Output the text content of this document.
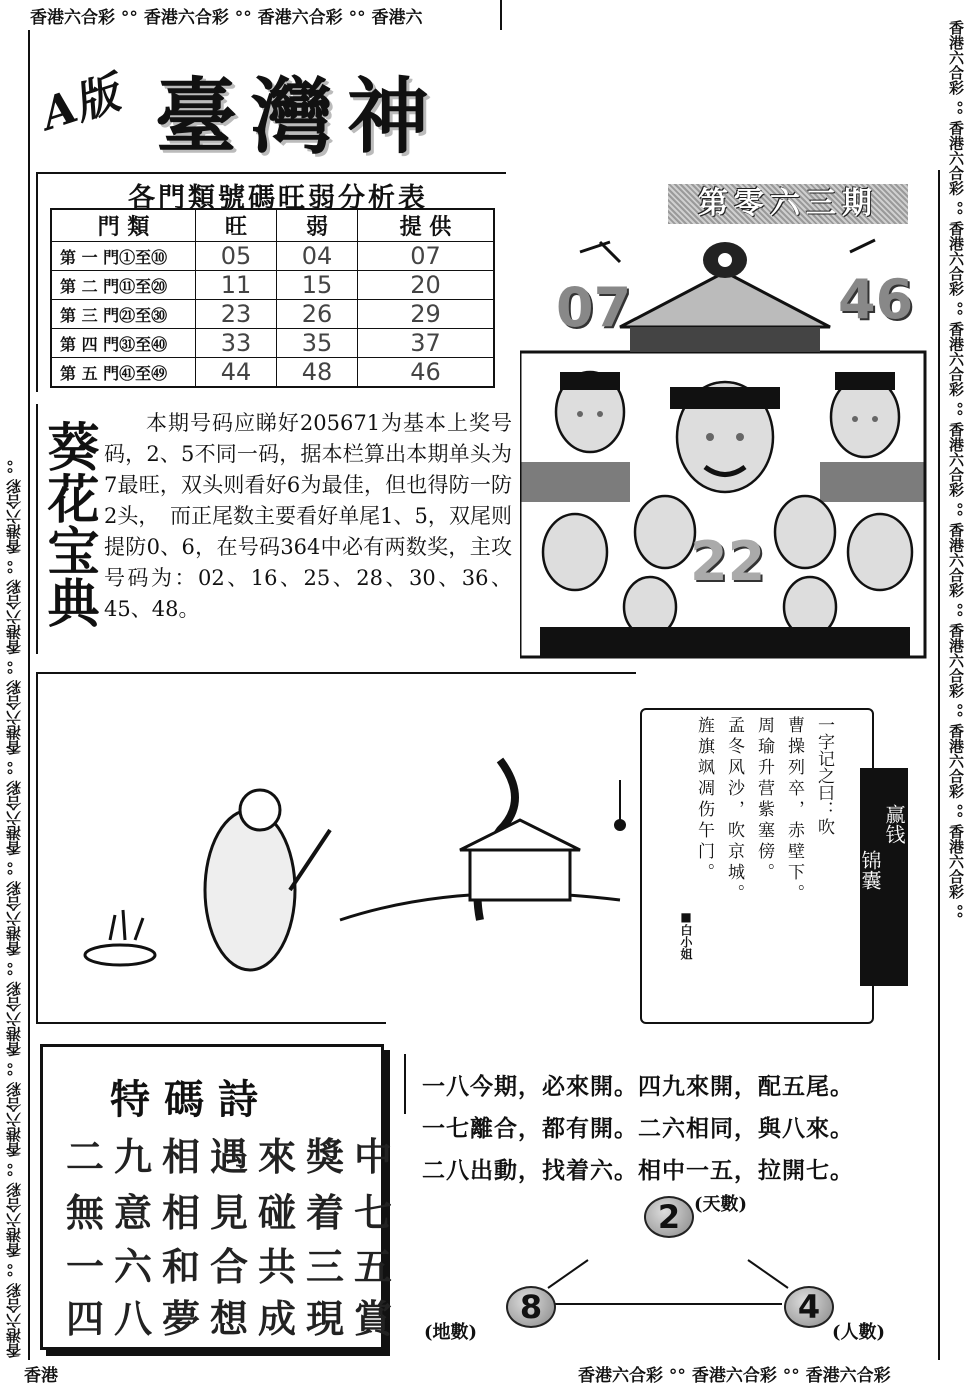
香港六合彩 °° 香港六合彩 °° 香港六合彩 °° 香港六
香港	香港六合彩 °° 香港六合彩 °° 香港六合彩
香港六合彩 °° 香港六合彩 °° 香港六合彩 °° 香港六合彩 °° 香港六合彩 °° 香港六合彩 °° 香港六合彩 °° 香港六合彩 °° 香港六合彩 °°	香港六合彩 °° 香港六合彩 °° 香港六合彩 °° 香港六合彩 °° 香港六合彩 °° 香港六合彩 °° 香港六合彩 °° 香港六合彩 °° 香港六合彩 °°
A版 臺灣神
各門類號碼旺弱分析表
門 類	旺	弱	提 供
第 一 門①至⑩	05	04	07
第 二 門⑪至⑳	11	15	20
第 三 門㉑至㉚	23	26	29
第 四 門㉛至㊵	33	35	37
第 五 門㊶至㊾	44	48	46
第零六三期
07	46
22
葵花宝典	本期号码应睇好205671为基本上奖号码，2、5不同一码，据本栏算出本期单头为7最旺，双头则看好6为最佳，但也得防一防2头，　而正尾数主要看好单尾1、5，双尾则提防0、6，在号码364中必有两数奖，主攻号码为：02、16、25、28、30、36、45、48。
一字记之曰：吹
曹操列卒，赤壁下。
周瑜升营紫塞傍。
孟冬风沙，吹京城。
旌旗飒凋伤午门。
■白小姐
赢钱
锦囊
特碼詩
二九相遇來獎中
無意相見碰着七
一六和合共三五
四八夢想成現賞
一八今期，必來開。四九來開，配五尾。
一七離合，都有開。二六相同，與八來。
二八出動，找着六。相中一五，拉開七。
2 (天數)
8
(地數)
4
(人數)
